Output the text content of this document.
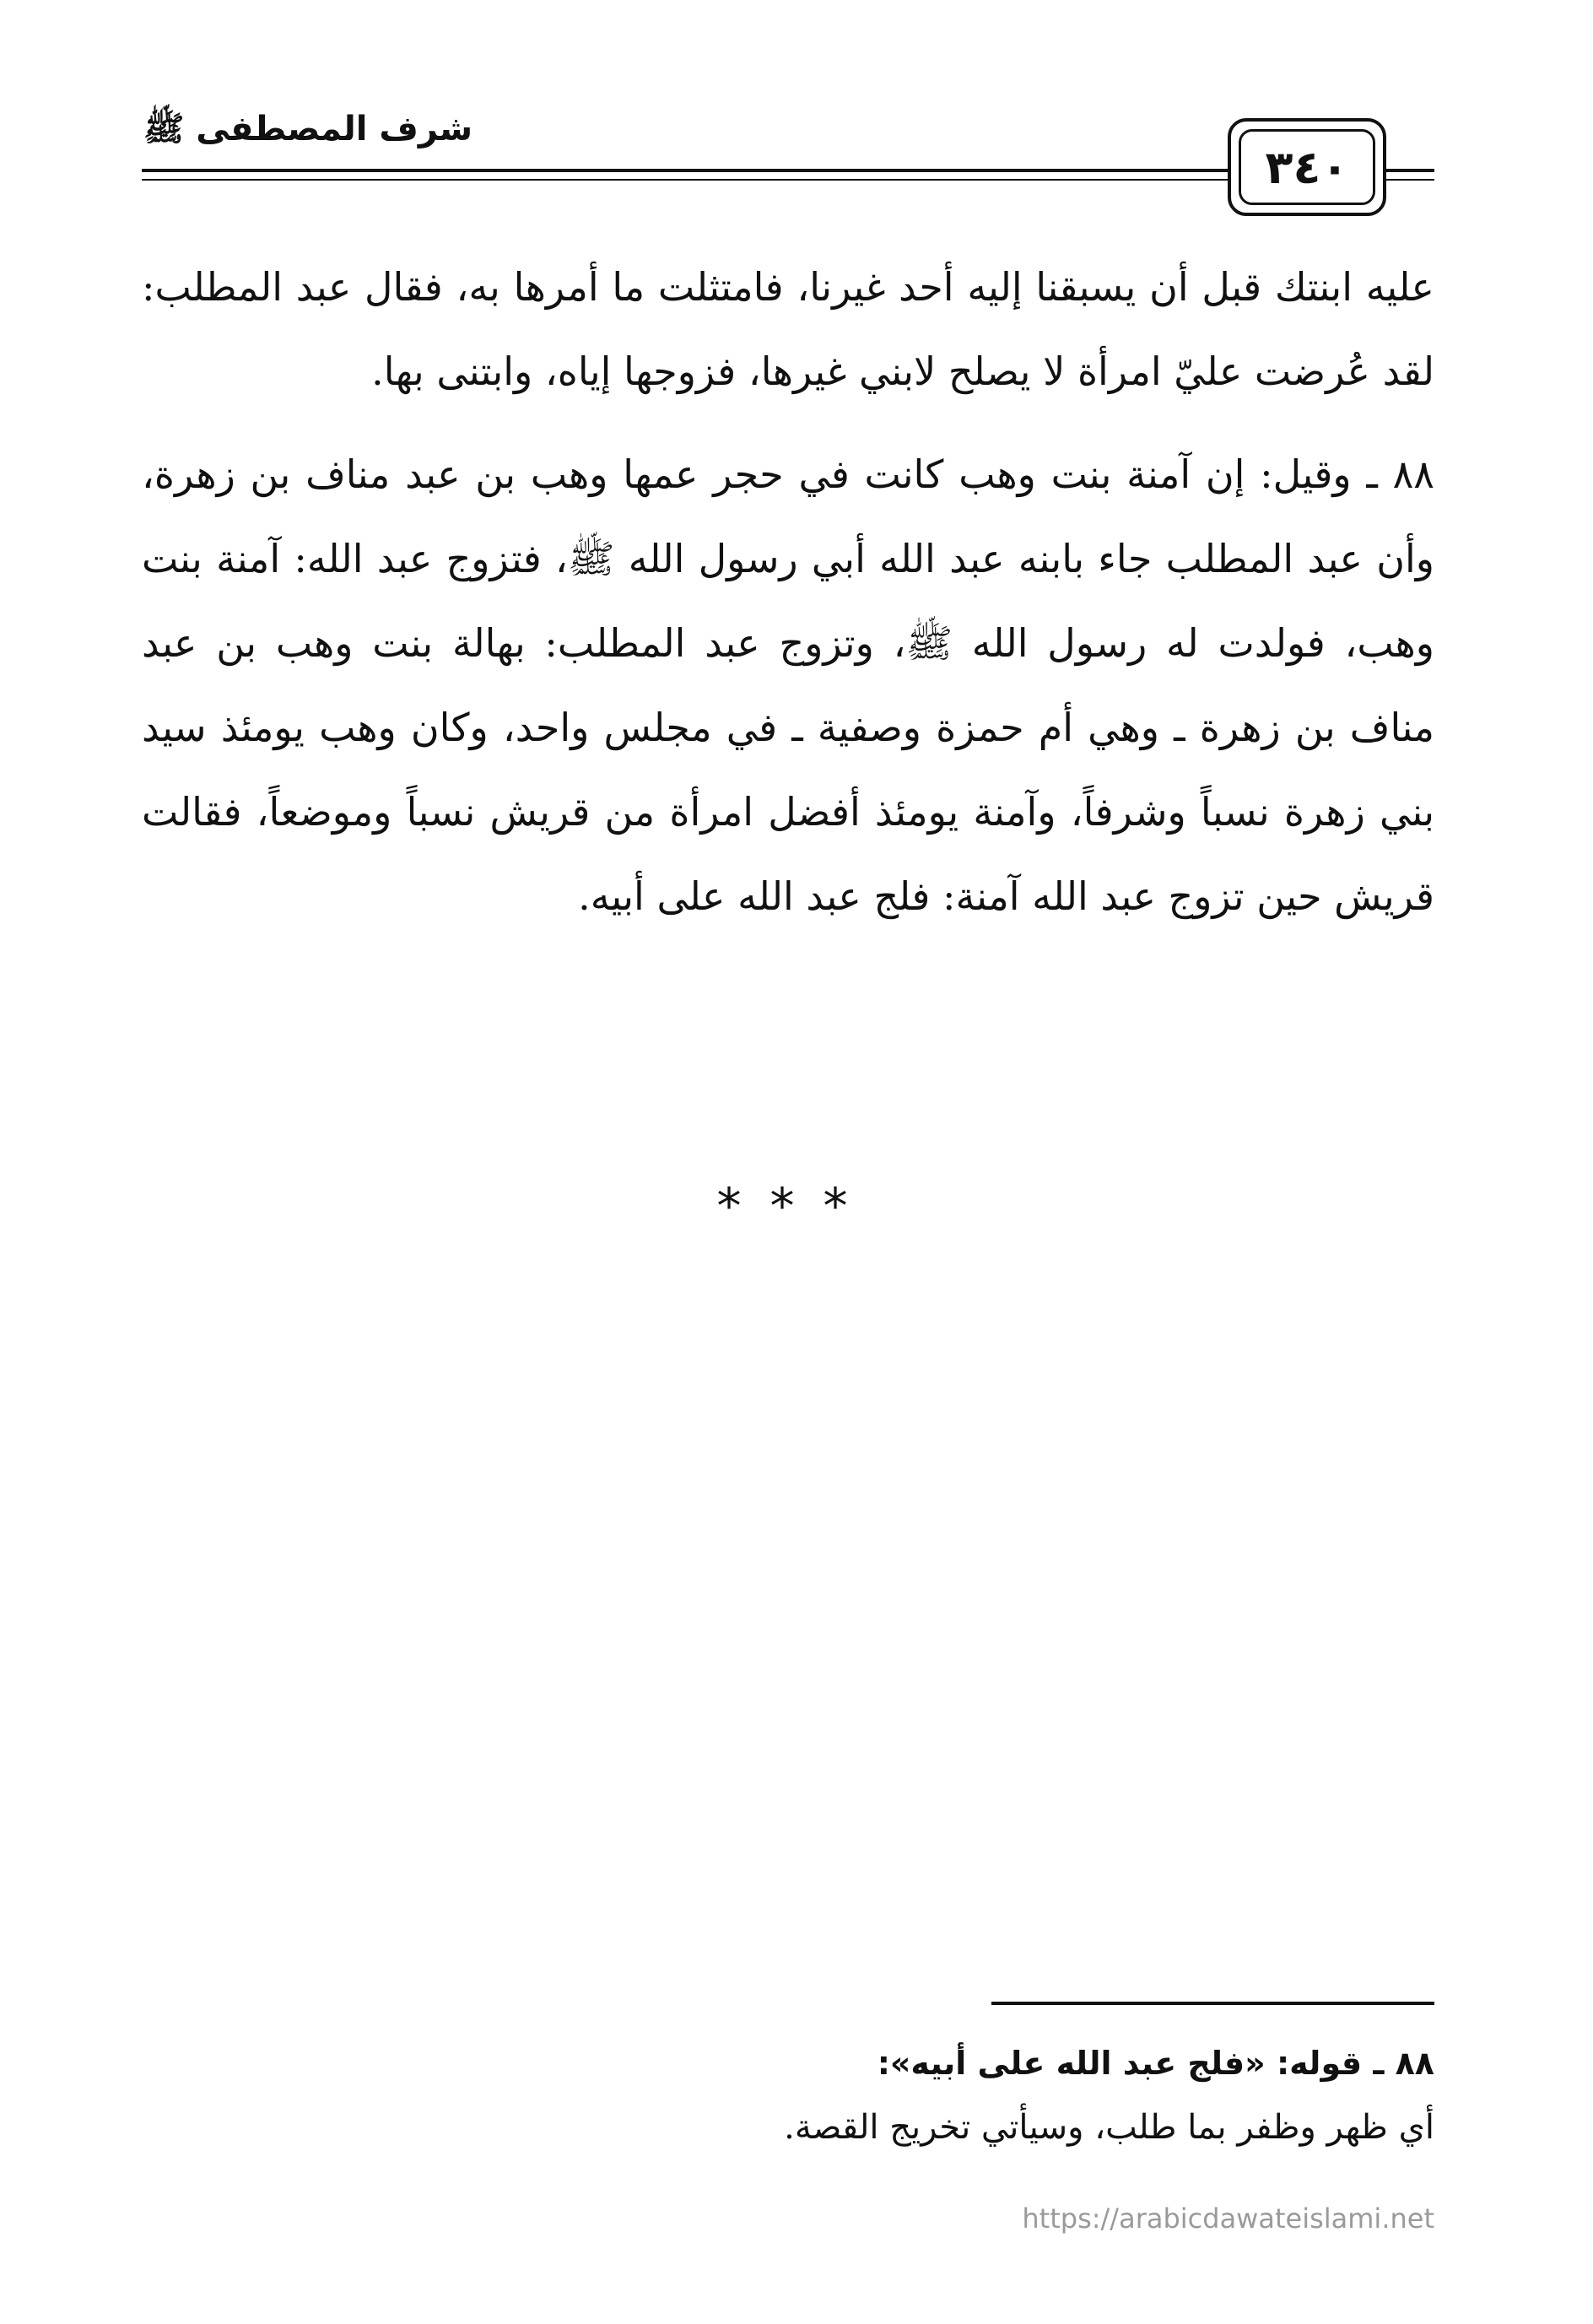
شرف المصطفى ﷺ
٣٤٠

عليه ابنتك قبل أن يسبقنا إليه أحد غيرنا، فامتثلت ما أمرها به، فقال عبد المطلب: لقد عُرضت عليّ امرأة لا يصلح لابني غيرها، فزوجها إياه، وابتنى بها.

٨٨ ـ وقيل: إن آمنة بنت وهب كانت في حجر عمها وهب بن عبد مناف بن زهرة، وأن عبد المطلب جاء بابنه عبد الله أبي رسول الله ﷺ، فتزوج عبد الله: آمنة بنت وهب، فولدت له رسول الله ﷺ، وتزوج عبد المطلب: بهالة بنت وهب بن عبد مناف بن زهرة ـ وهي أم حمزة وصفية ـ في مجلس واحد، وكان وهب يومئذ سيد بني زهرة نسباً وشرفاً، وآمنة يومئذ أفضل امرأة من قريش نسباً وموضعاً، فقالت قريش حين تزوج عبد الله آمنة: فلج عبد الله على أبيه.

***
٨٨ ـ قوله: «فلج عبد الله على أبيه»:
أي ظهر وظفر بما طلب، وسيأتي تخريج القصة.
https://arabicdawateislami.net
